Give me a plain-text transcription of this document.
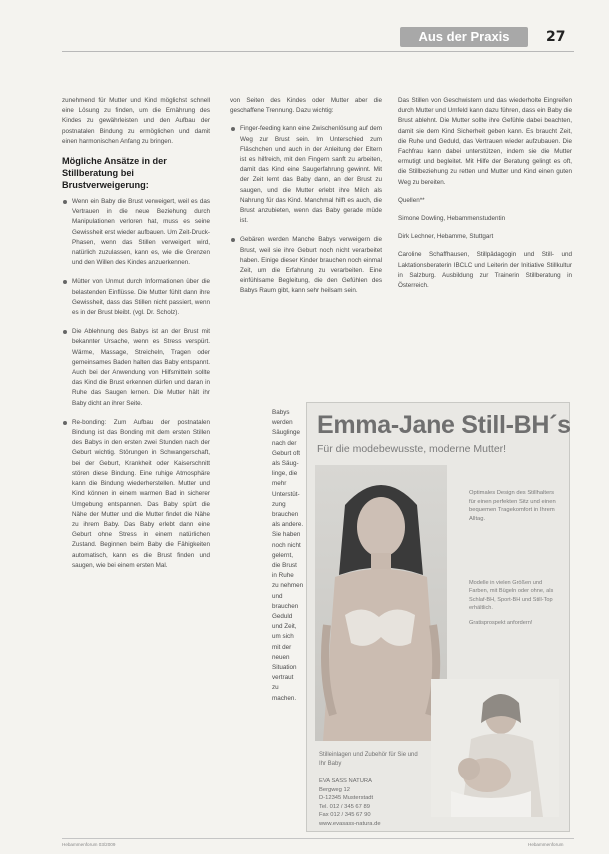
Aus der Praxis	27

zunehmend für Mutter und Kind möglichst schnell eine Lösung zu finden, um die Ernährung des Kindes zu gewährleisten und den Aufbau der postnatalen Bindung zu ermöglichen und damit einen harmonischen Anfang zu bringen.

Mögliche Ansätze in der Stillberatung bei Brustverweigerung:
Wenn ein Baby die Brust verweigert, weil es das Vertrauen in die neue Beziehung durch Manipulationen verloren hat, muss es seine Gewissheit erst wieder aufbauen. Um Zeit-Druck-Phasen, wenn das Stillen verweigert wird, natürlich zuzulassen, kann es, wie die Grenzen und den Willen des Kindes anzuerkennen.
Mütter von Unmut durch Informationen über die belastenden Einflüsse. Die Mutter fühlt dann ihre Gewissheit, dass das Stillen nicht passiert, wenn es in der Brust bleibt. (vgl. Dr. Scholz).
Die Ablehnung des Babys ist an der Brust mit bekannter Ursache, wenn es Stress verspürt. Wärme, Massage, Streicheln, Tragen oder gemeinsames Baden halten das Baby entspannt. Auch bei der Anwendung von Hilfsmitteln sollte das Kind die Brust erkennen dürfen und daran in Ruhe das Saugen lernen. Die Mutter hält ihr Baby dicht an ihrer Seite.
Re-bonding: Zum Aufbau der postnatalen Bindung ist das Bonding mit dem ersten Stillen des Babys in den ersten zwei Stunden nach der Geburt wichtig. Störungen in Schwangerschaft, bei der Geburt, Krankheit oder Kaiserschnitt stören diese Bindung. Eine ruhige Atmosphäre kann die Bindung wiederherstellen. Mutter und Kind können in einem warmen Bad in sicherer Umgebung entspannen. Das Baby spürt die Nähe der Mutter und die Mutter findet die Nähe zu ihrem Baby. Das Baby erlebt dann eine Geburt ohne Stress in einem natürlichen Zustand. Beginnen beim Baby die Fähigkeiten automatisch, kann es die Brust finden und saugen, wie bei einem ersten Mal.

von Seiten des Kindes oder Mutter aber die geschaffene Trennung. Dazu wichtig:

Finger-feeding kann eine Zwischenlösung auf dem Weg zur Brust sein. Im Unterschied zum Fläschchen und auch in der Anleitung der Eltern ist es hilfreich, mit den Fingern sanft zu arbeiten, damit das Kind eine Saugerfahrung gewinnt. Mit der Zeit lernt das Baby dann, an der Brust zu saugen, und die Mutter erlebt ihre Milch als Nahrung für das Kind. Manchmal hilft es auch, die Brust anzubieten, wenn das Baby gerade müde ist.
Gebären werden Manche Babys verweigern die Brust, weil sie ihre Geburt noch nicht verarbeitet haben. Einige dieser Kinder brauchen noch einmal Zeit, um die Erfahrung zu verarbeiten. Eine einfühlsame Begleitung, die den Gefühlen des Babys Raum gibt, kann sehr heilsam sein.
Babys
werden
Säuglinge
nach der
Geburt oft
als Säug-
linge, die
mehr
Unterstüt-
zung
brauchen
als andere.
Sie haben
noch nicht
gelernt,
die Brust
in Ruhe
zu nehmen
und
brauchen
Geduld
und Zeit,
um sich
mit der
neuen
Situation
vertraut
zu
machen.

Das Stillen von Geschwistern und das wiederholte Eingreifen durch Mutter und Umfeld kann dazu führen, dass ein Baby die Brust ablehnt. Die Mutter sollte ihre Gefühle dabei beachten, damit sie dem Kind Sicherheit geben kann. Es braucht Zeit, die Ruhe und Geduld, das Vertrauen wieder aufzubauen. Die Fachfrau kann dabei unterstützen, indem sie die Mutter ermutigt und begleitet. Mit Hilfe der Beratung gelingt es oft, die Stillbeziehung zu retten und Mutter und Kind einen guten Weg zu bereiten.

Quellen**

Simone Dowling, Hebammenstudentin

Dirk Lechner, Hebamme, Stuttgart

Caroline Schaffhausen, Stillpädagogin und Still- und Laktationsberaterin IBCLC und Leiterin der Initiative Stillkultur in Salzburg. Ausbildung zur Trainerin Stillberatung in Österreich.

Emma-Jane Still-BH´s
Für die modebewusste, moderne Mutter!
Optimales Design des Stillhalters für einen perfekten Sitz und einen bequemen Tragekomfort in Ihrem Alltag.
Modelle in vielen Größen und Farben, mit Bügeln oder ohne, als Schlaf-BH, Sport-BH und Still-Top erhältlich.
Gratisprospekt anfordern!
Stilleinlagen und Zubehör für Sie und Ihr Baby
EVA SASS NATURA
Bergweg 12
D-12345 Musterstadt
Tel. 012 / 345 67 89
Fax 012 / 345 67 90
www.evasass-natura.de
Hebammenforum 03/2009	Hebammenforum
